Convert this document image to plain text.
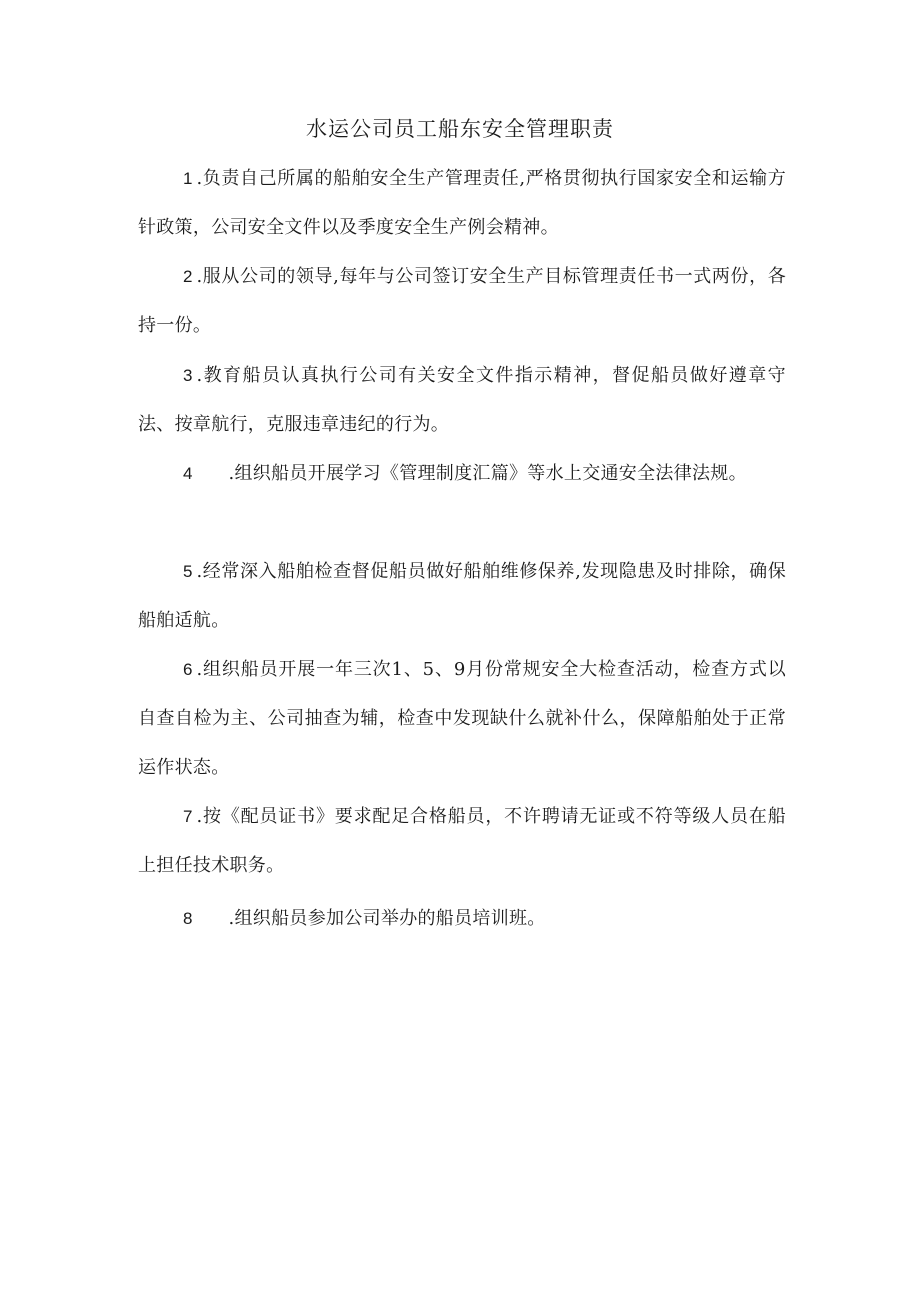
水运公司员工船东安全管理职责

1 .负责自己所属的船舶安全生产管理责任,严格贯彻执行国家安全和运输方针政策，公司安全文件以及季度安全生产例会精神。

2 .服从公司的领导,每年与公司签订安全生产目标管理责任书一式两份，各持一份。

3 .教育船员认真执行公司有关安全文件指示精神，督促船员做好遵章守法、按章航行，克服违章违纪的行为。

4 .组织船员开展学习《管理制度汇篇》等水上交通安全法律法规。

5 .经常深入船舶检查督促船员做好船舶维修保养,发现隐患及时排除，确保船舶适航。

6 .组织船员开展一年三次1、5、9月份常规安全大检查活动，检查方式以自查自检为主、公司抽查为辅，检查中发现缺什么就补什么，保障船舶处于正常运作状态。

7 .按《配员证书》要求配足合格船员，不许聘请无证或不符等级人员在船上担任技术职务。

8 .组织船员参加公司举办的船员培训班。
